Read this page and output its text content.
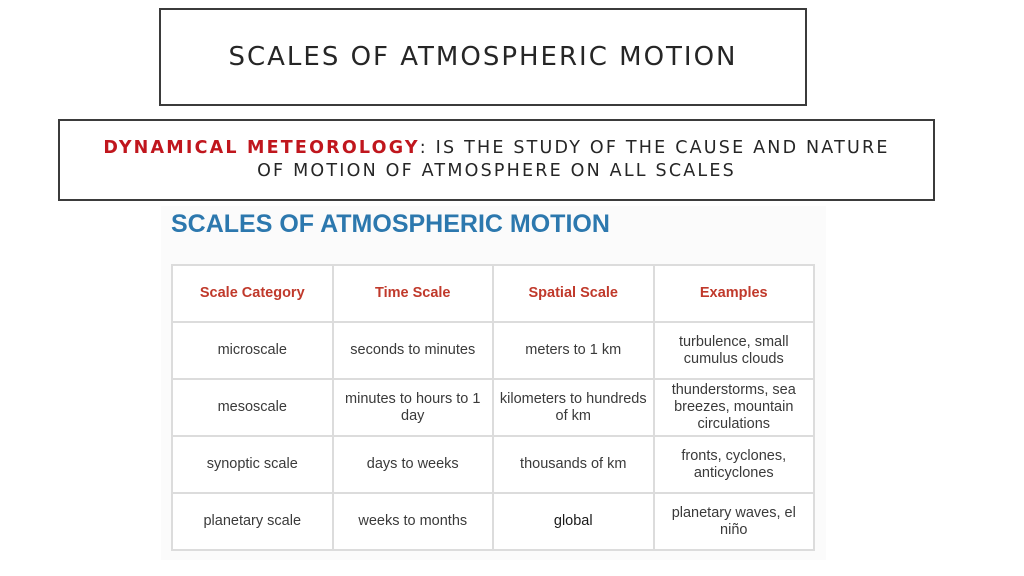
SCALES OF ATMOSPHERIC MOTION
DYNAMICAL METEOROLOGY: IS THE STUDY OF THE CAUSE AND NATURE OF MOTION OF ATMOSPHERE ON ALL SCALES
SCALES OF ATMOSPHERIC MOTION
Scale Category	Time Scale	Spatial Scale	Examples
microscale	seconds to minutes	meters to 1 km	turbulence, small cumulus clouds
mesoscale	minutes to hours to 1 day	kilometers to hundreds of km	thunderstorms, sea breezes, mountain circulations
synoptic scale	days to weeks	thousands of km	fronts, cyclones, anticyclones
planetary scale	weeks to months	global	planetary waves, el niño
